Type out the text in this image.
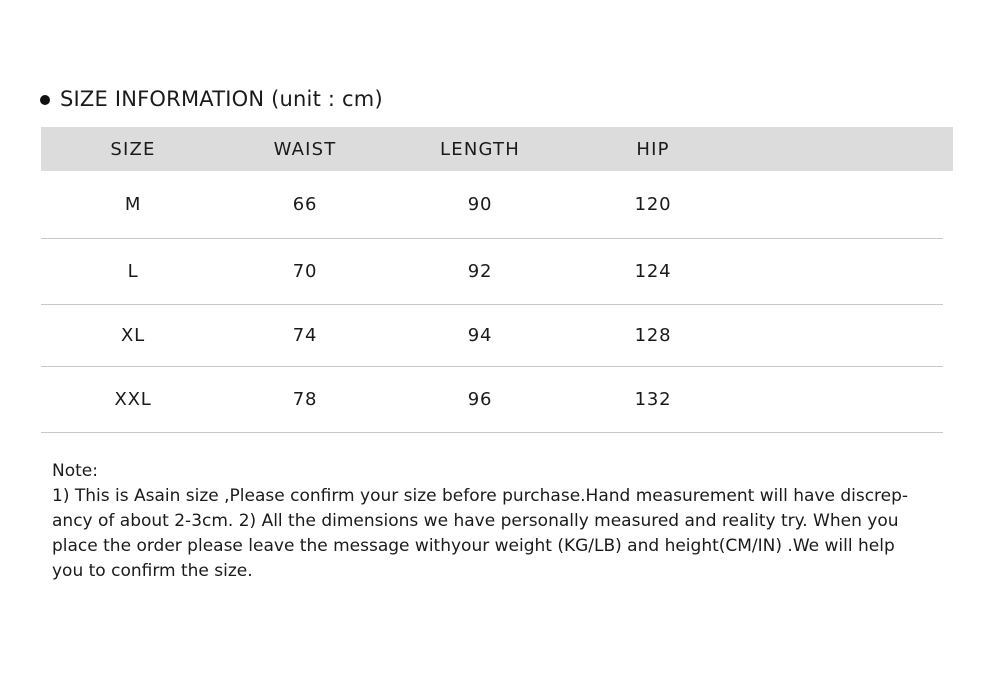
SIZE INFORMATION (unit : cm)
SIZE	WAIST	LENGTH	HIP
M	66	90	120
L	70	92	124
XL	74	94	128
XXL	78	96	132

Note:

1) This is Asain size ,Please confirm your size before purchase.Hand measurement will have discrep-

ancy of about 2-3cm. 2) All the dimensions we have personally measured and reality try. When you

place the order please leave the message withyour weight (KG/LB) and height(CM/IN) .We will help

you to confirm the size.
